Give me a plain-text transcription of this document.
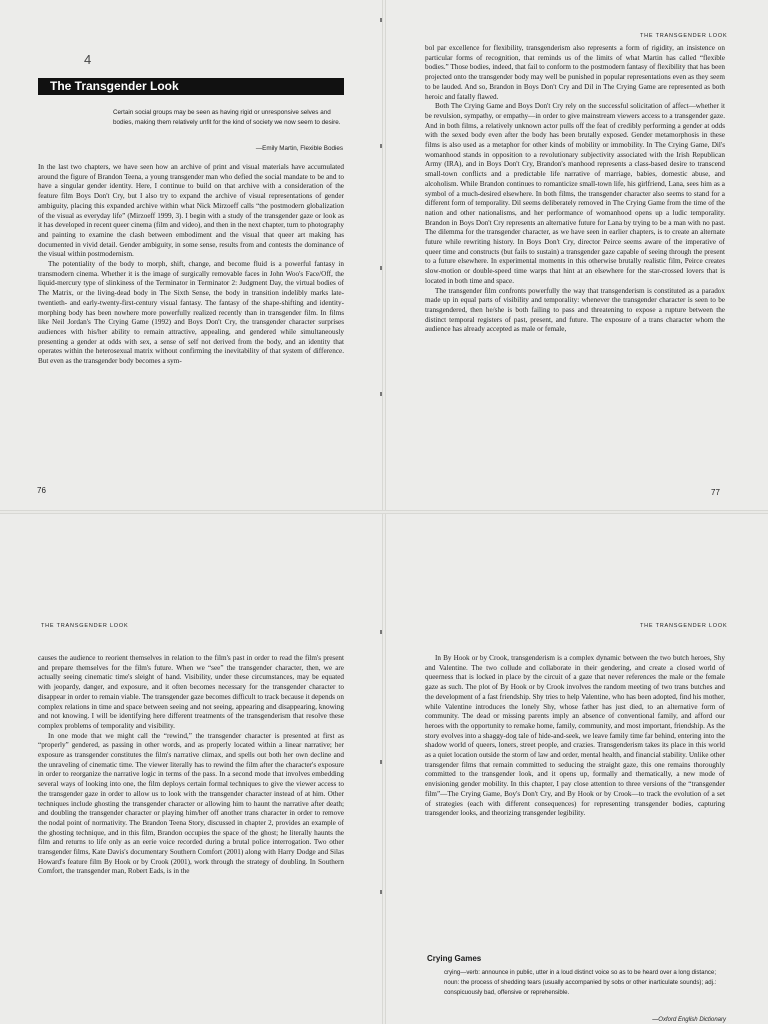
4
The Transgender Look
Certain social groups may be seen as having rigid or unresponsive selves and bodies, making them relatively unfit for the kind of society we now seem to desire.
—Emily Martin, Flexible Bodies

In the last two chapters, we have seen how an archive of print and visual materials have accumulated around the figure of Brandon Teena, a young transgender man who defied the social mandate to be and to have a singular gender identity. Here, I continue to build on that archive with a consideration of the feature film Boys Don't Cry, but I also try to expand the archive of visual representations of gender ambiguity, placing this expanded archive within what Nick Mirzoeff calls “the postmodern globalization of the visual as everyday life” (Mirzoeff 1999, 3). I begin with a study of the transgender gaze or look as it has developed in recent queer cinema (film and video), and then in the next chapter, turn to photography and painting to examine the clash between embodiment and the visual that queer art making has documented in vivid detail. Gender ambiguity, in some sense, results from and contests the dominance of the visual within postmodernism.

The potentiality of the body to morph, shift, change, and become fluid is a powerful fantasy in transmodern cinema. Whether it is the image of surgically removable faces in John Woo's Face/Off, the liquid-mercury type of slinkiness of the Terminator in Terminator 2: Judgment Day, the virtual bodies of The Matrix, or the living-dead body in The Sixth Sense, the body in transition indelibly marks late-twentieth- and early-twenty-first-century visual fantasy. The fantasy of the shape-shifting and identity-morphing body has been nowhere more powerfully realized recently than in transgender film. In films like Neil Jordan's The Crying Game (1992) and Boys Don't Cry, the transgender character surprises audiences with his/her ability to remain attractive, appealing, and gendered while simultaneously presenting a gender at odds with sex, a sense of self not derived from the body, and an identity that operates within the heterosexual matrix without confirming the inevitability of that system of difference. But even as the transgender body becomes a sym-

76
THE TRANSGENDER LOOK

bol par excellence for flexibility, transgenderism also represents a form of rigidity, an insistence on particular forms of recognition, that reminds us of the limits of what Martin has called “flexible bodies.” Those bodies, indeed, that fail to conform to the postmodern fantasy of flexibility that has been projected onto the transgender body may well be punished in popular representations even as they seem to be lauded. And so, Brandon in Boys Don't Cry and Dil in The Crying Game are represented as both heroic and fatally flawed.

Both The Crying Game and Boys Don't Cry rely on the successful solicitation of affect—whether it be revulsion, sympathy, or empathy—in order to give mainstream viewers access to a transgender gaze. And in both films, a relatively unknown actor pulls off the feat of credibly performing a gender at odds with the sexed body even after the body has been brutally exposed. Gender metamorphosis in these films is also used as a metaphor for other kinds of mobility or immobility. In The Crying Game, Dil's womanhood stands in opposition to a revolutionary subjectivity associated with the Irish Republican Army (IRA), and in Boys Don't Cry, Brandon's manhood represents a class-based desire to transcend small-town conflicts and a predictable life narrative of marriage, babies, domestic abuse, and alcoholism. While Brandon continues to romanticize small-town life, his girlfriend, Lana, sees him as a symbol of a much-desired elsewhere. In both films, the transgender character also seems to stand for a different form of temporality. Dil seems deliberately removed in The Crying Game from the time of the nation and other nationalisms, and her performance of womanhood opens up a ludic temporality. Brandon in Boys Don't Cry represents an alternative future for Lana by trying to be a man with no past. The dilemma for the transgender character, as we have seen in earlier chapters, is to create an alternate future while rewriting history. In Boys Don't Cry, director Peirce seems aware of the imperative of queer time and constructs (but fails to sustain) a transgender gaze capable of seeing through the present to a future elsewhere. In experimental moments in this otherwise brutally realistic film, Peirce creates slow-motion or double-speed time warps that hint at an elsewhere for the star-crossed lovers that is located in both time and space.

The transgender film confronts powerfully the way that transgenderism is constituted as a paradox made up in equal parts of visibility and temporality: whenever the transgender character is seen to be transgendered, then he/she is both failing to pass and threatening to expose a rupture between the distinct temporal registers of past, present, and future. The exposure of a trans character whom the audience has already accepted as male or female,

77
THE TRANSGENDER LOOK

causes the audience to reorient themselves in relation to the film's past in order to read the film's present and prepare themselves for the film's future. When we “see” the transgender character, then, we are actually seeing cinematic time's sleight of hand. Visibility, under these circumstances, may be equated with jeopardy, danger, and exposure, and it often becomes necessary for the transgender character to disappear in order to remain viable. The transgender gaze becomes difficult to track because it depends on complex relations in time and space between seeing and not seeing, appearing and disappearing, knowing and not knowing. I will be identifying here different treatments of the transgenderism that resolve these complex problems of temporality and visibility.

In one mode that we might call the “rewind,” the transgender character is presented at first as “properly” gendered, as passing in other words, and as properly located within a linear narrative; her exposure as transgender constitutes the film's narrative climax, and spells out both her own decline and the unraveling of cinematic time. The viewer literally has to rewind the film after the character's exposure in order to reorganize the narrative logic in terms of the pass. In a second mode that involves embedding several ways of looking into one, the film deploys certain formal techniques to give the viewer access to the transgender gaze in order to allow us to look with the transgender character instead of at him. Other techniques include ghosting the transgender character or allowing him to haunt the narrative after death; and doubling the transgender character or playing him/her off another trans character in order to remove the nodal point of normativity. The Brandon Teena Story, discussed in chapter 2, provides an example of the ghosting technique, and in this film, Brandon occupies the space of the ghost; he literally haunts the film and returns to life only as an eerie voice recorded during a brutal police interrogation. Two other transgender films, Kate Davis's documentary Southern Comfort (2001) along with Harry Dodge and Silas Howard's feature film By Hook or by Crook (2001), work through the strategy of doubling. In Southern Comfort, the transgender man, Robert Eads, is in the

THE TRANSGENDER LOOK

In By Hook or by Crook, transgenderism is a complex dynamic between the two butch heroes, Shy and Valentine. The two collude and collaborate in their gendering, and create a closed world of queerness that is locked in place by the circuit of a gaze that never references the male or the female gaze as such. The plot of By Hook or by Crook involves the random meeting of two trans butches and the development of a fast friendship. Shy tries to help Valentine, who has been adopted, find his mother, while Valentine introduces the lonely Shy, whose father has just died, to an alternative form of community. The dead or missing parents imply an absence of conventional family, and afford our heroes with the opportunity to remake home, family, community, and most important, friendship. As the story evolves into a shaggy-dog tale of hide-and-seek, we leave family time far behind, entering into the shadow world of queers, loners, street people, and crazies. Transgenderism takes its place in this world as a quiet location outside the storm of law and order, mental health, and financial stability. Unlike other transgender films that remain committed to seducing the straight gaze, this one remains thoroughly committed to the transgender look, and it opens up, formally and thematically, a new mode of envisioning gender mobility. In this chapter, I pay close attention to three versions of the “transgender film”—The Crying Game, Boy's Don't Cry, and By Hook or by Crook—to track the evolution of a set of strategies (each with different consequences) for representing transgender bodies, capturing transgender looks, and theorizing transgender legibility.

Crying Games
crying—verb: announce in public, utter in a loud distinct voice so as to be heard over a long distance; noun: the process of shedding tears (usually accompanied by sobs or other inarticulate sounds); adj.: conspicuously bad, offensive or reprehensible.
—Oxford English Dictionary
